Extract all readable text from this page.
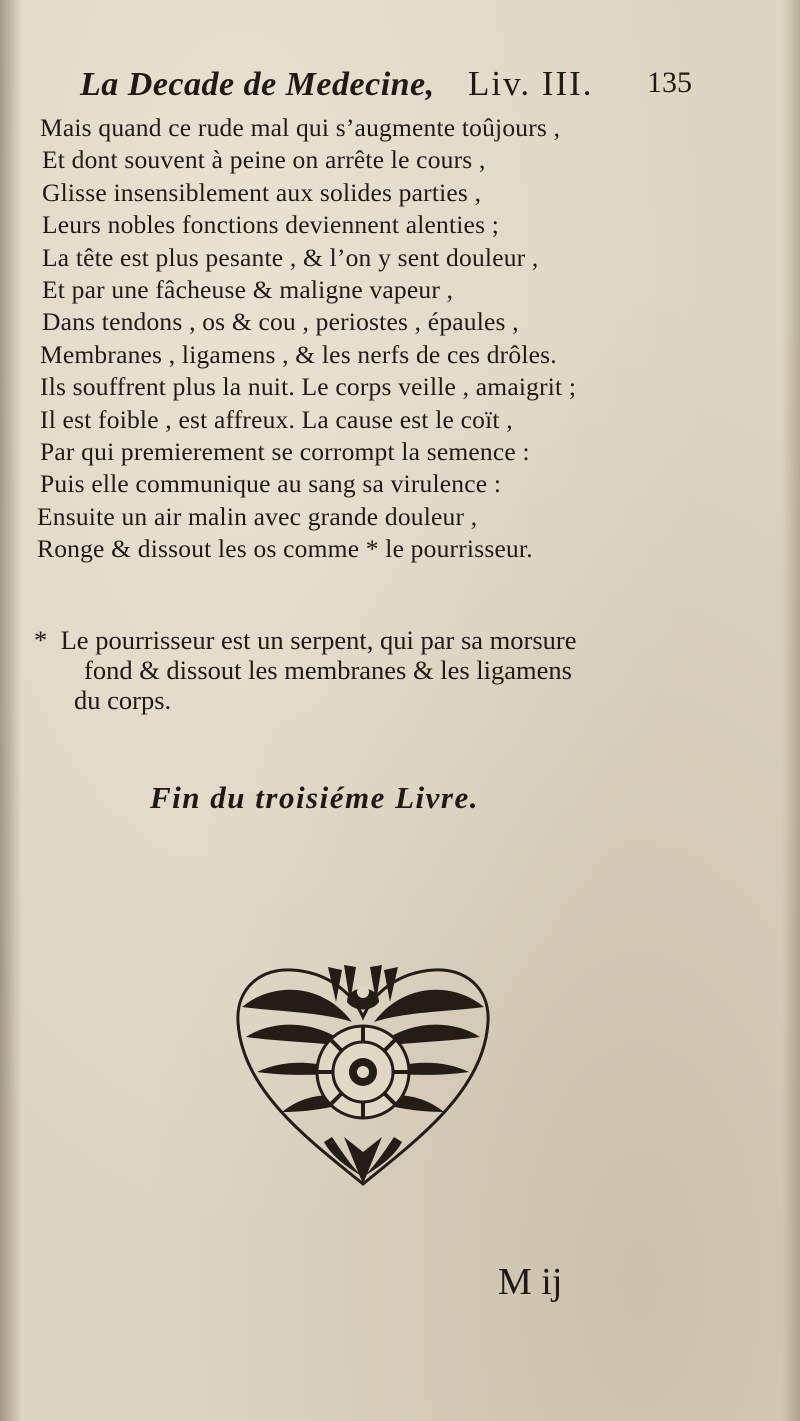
La Decade de Medecine, Liv. III. 135
Mais quand ce rude mal qui s’augmente toûjours ,
Et dont souvent à peine on arrête le cours ,
Glisse insensiblement aux solides parties ,
Leurs nobles fonctions deviennent alenties ;
La tête est plus pesante , & l’on y sent douleur ,
Et par une fâcheuse & maligne vapeur ,
Dans tendons , os & cou , periostes , épaules ,
Membranes , ligamens , & les nerfs de ces drôles.
Ils souffrent plus la nuit. Le corps veille , amaigrit ;
Il est foible , est affreux. La cause est le coït ,
Par qui premierement se corrompt la semence :
Puis elle communique au sang sa virulence :
Ensuite un air malin avec grande douleur ,
Ronge & dissout les os comme * le pourrisseur.
* Le pourrisseur est un serpent, qui par sa morsure
fond & dissout les membranes & les ligamens
du corps.
Fin du troisiéme Livre.
M ij
